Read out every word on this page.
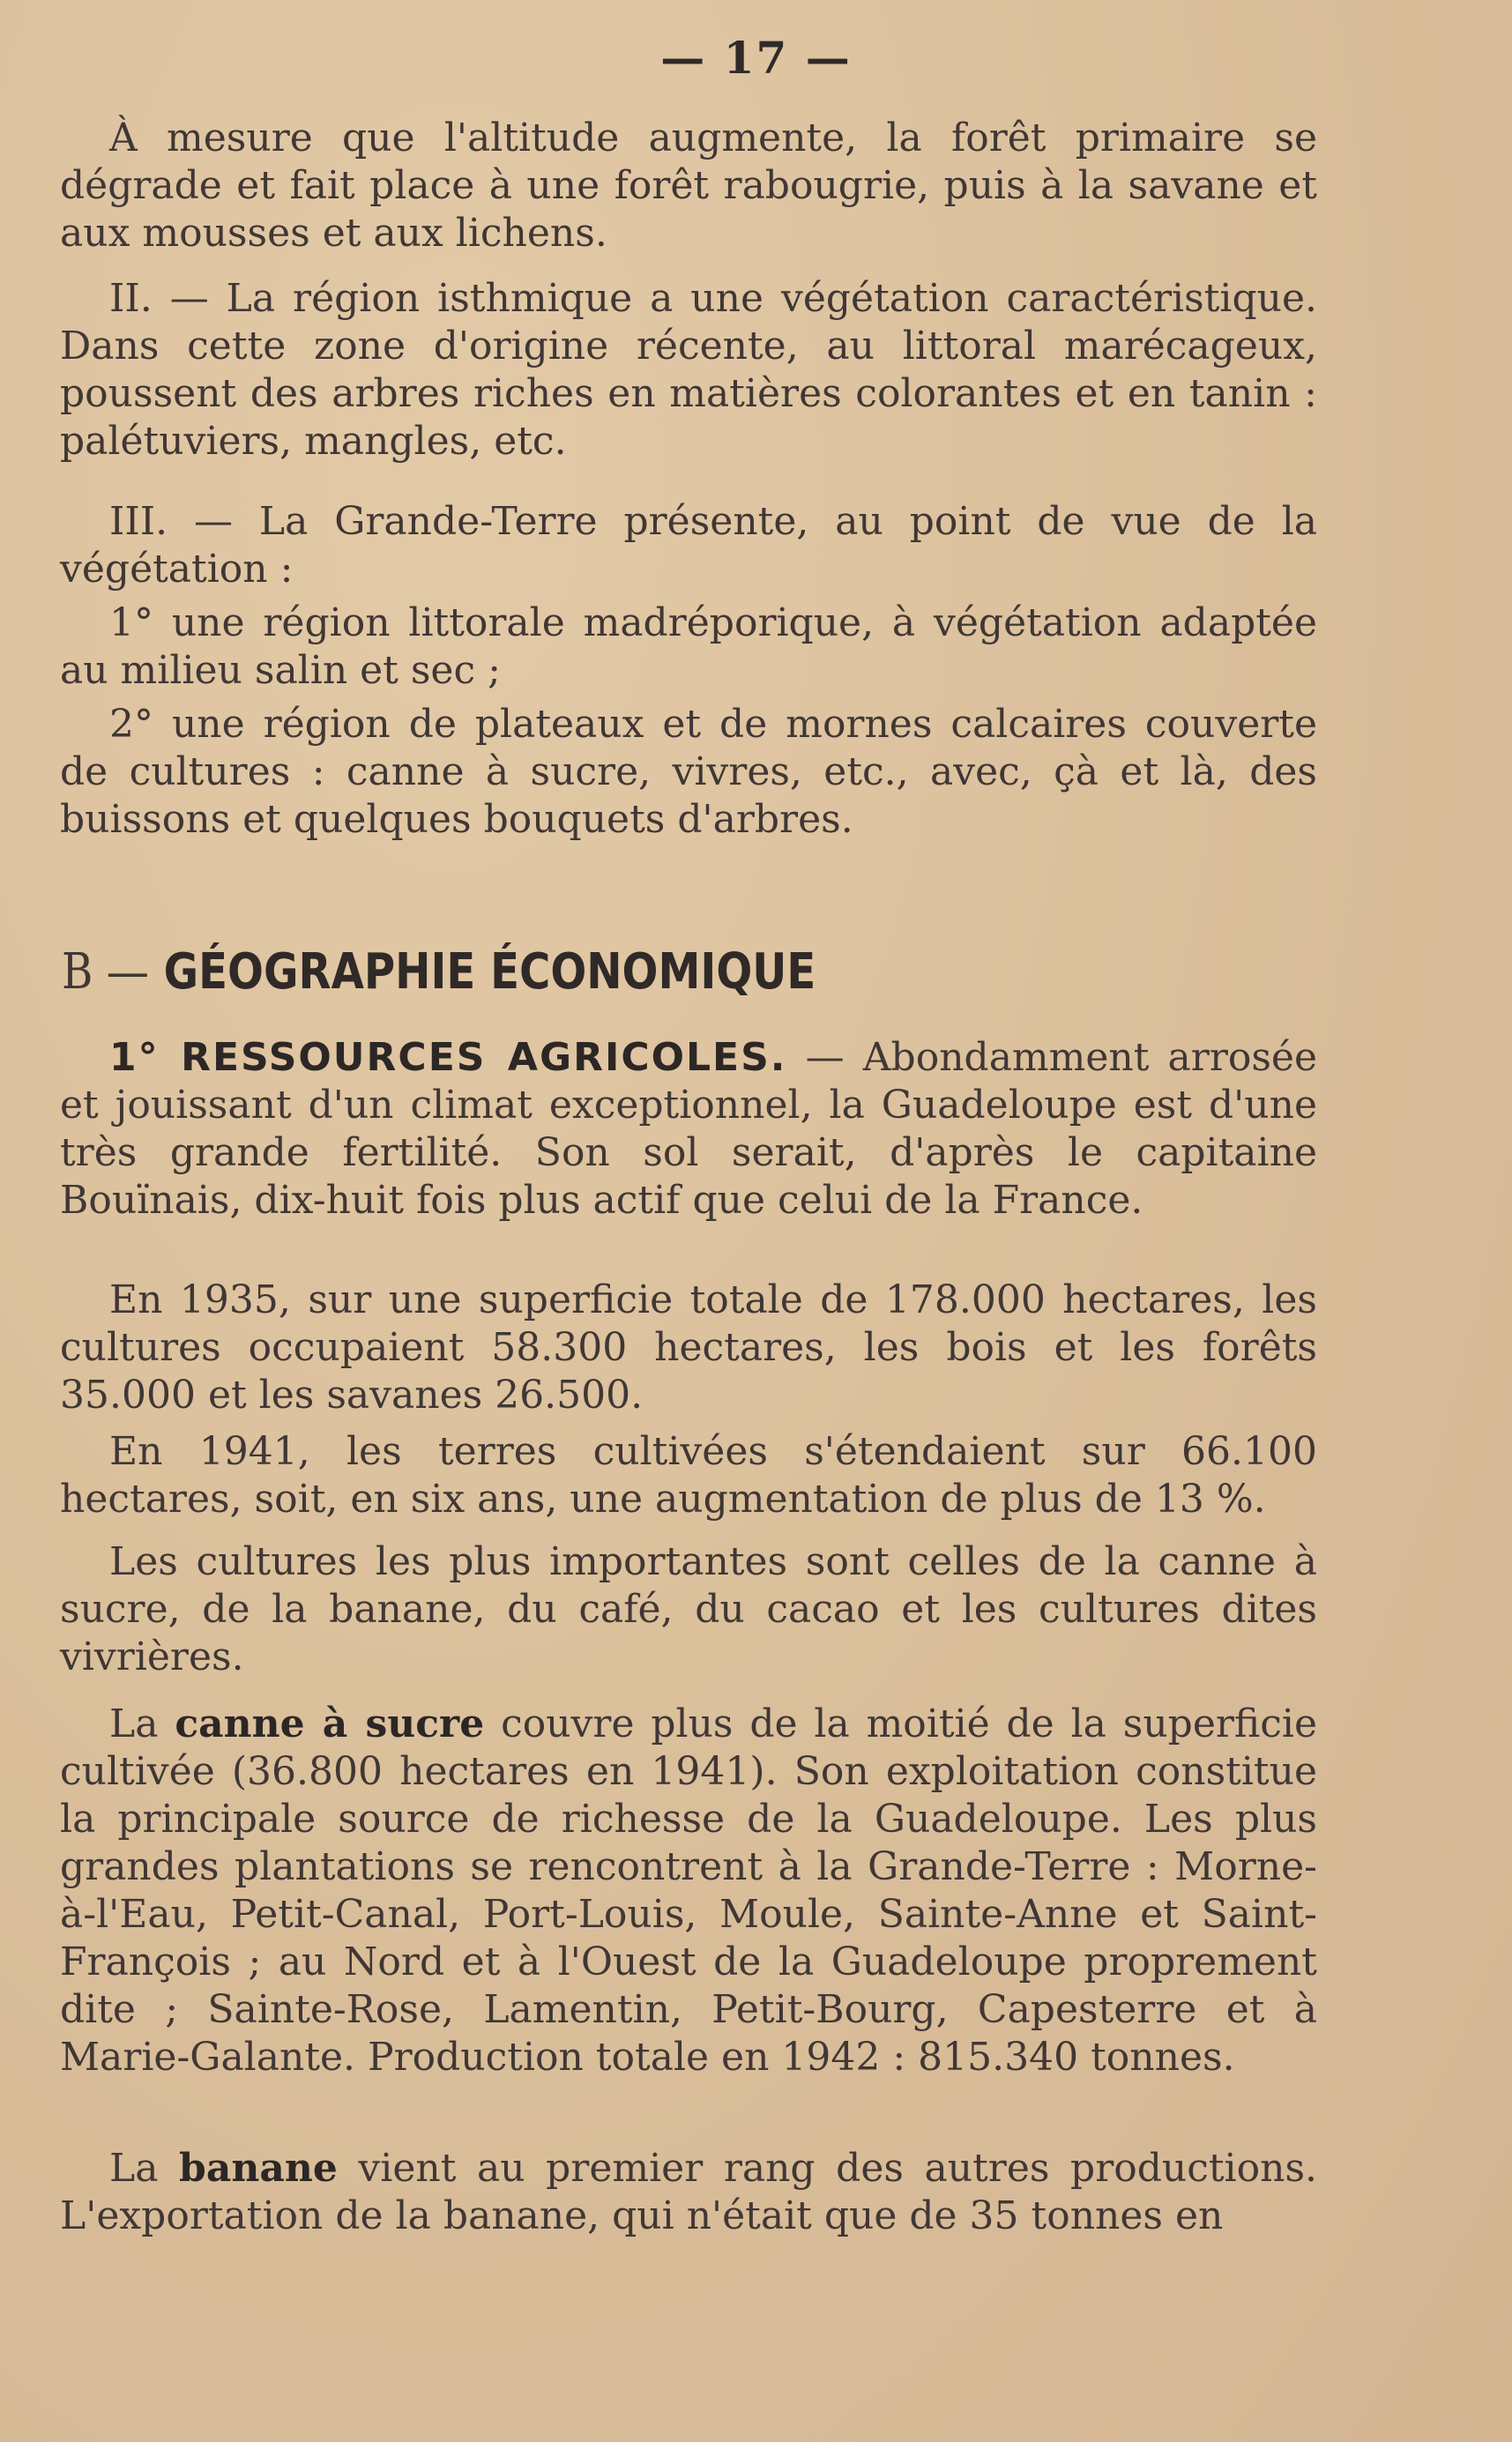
— 17 —

À mesure que l'altitude augmente, la forêt primaire se dégrade et fait place à une forêt rabougrie, puis à la savane et aux mousses et aux lichens.

II. — La région isthmique a une végétation caractéristique. Dans cette zone d'origine récente, au littoral marécageux, poussent des arbres riches en matières colorantes et en tanin : palétuviers, mangles, etc.

III. — La Grande-Terre présente, au point de vue de la végétation :

1° une région littorale madréporique, à végétation adaptée au milieu salin et sec ;

2° une région de plateaux et de mornes calcaires couverte de cultures : canne à sucre, vivres, etc., avec, çà et là, des buissons et quelques bouquets d'arbres.

B — GÉOGRAPHIE ÉCONOMIQUE

1° RESSOURCES AGRICOLES. — Abondamment arrosée et jouissant d'un climat exceptionnel, la Guadeloupe est d'une très grande fertilité. Son sol serait, d'après le capitaine Bouïnais, dix-huit fois plus actif que celui de la France.

En 1935, sur une superficie totale de 178.000 hectares, les cultures occupaient 58.300 hectares, les bois et les forêts 35.000 et les savanes 26.500.

En 1941, les terres cultivées s'étendaient sur 66.100 hectares, soit, en six ans, une augmentation de plus de 13 %.

Les cultures les plus importantes sont celles de la canne à sucre, de la banane, du café, du cacao et les cultures dites vivrières.

La canne à sucre couvre plus de la moitié de la superficie cultivée (36.800 hectares en 1941). Son exploitation constitue la principale source de richesse de la Guadeloupe. Les plus grandes plantations se rencontrent à la Grande-Terre : Morne-à-l'Eau, Petit-Canal, Port-Louis, Moule, Sainte-Anne et Saint-François ; au Nord et à l'Ouest de la Guadeloupe proprement dite ; Sainte-Rose, Lamentin, Petit-Bourg, Capesterre et à Marie-Galante. Production totale en 1942 : 815.340 tonnes.

La banane vient au premier rang des autres productions. L'exportation de la banane, qui n'était que de 35 tonnes en
